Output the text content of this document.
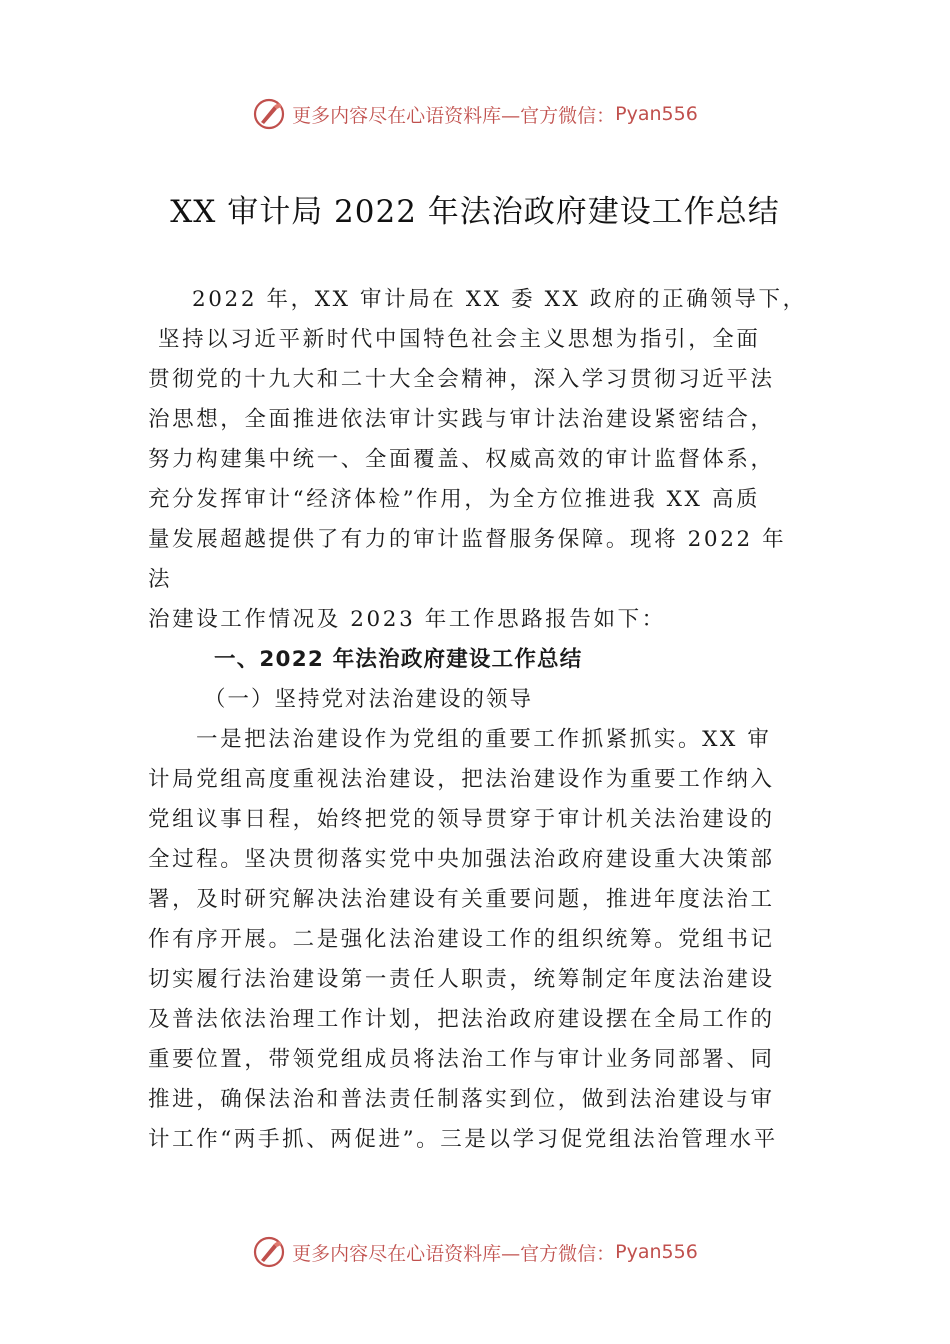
更多内容尽在心语资料库—官方微信： Pyan556
XX 审计局 2022 年法治政府建设工作总结
2022 年，XX 审计局在 XX 委 XX 政府的正确领导下，
坚持以习近平新时代中国特色社会主义思想为指引，全面
贯彻党的十九大和二十大全会精神，深入学习贯彻习近平法
治思想，全面推进依法审计实践与审计法治建设紧密结合，
努力构建集中统一、全面覆盖、权威高效的审计监督体系，
充分发挥审计“经济体检”作用，为全方位推进我 XX 高质
量发展超越提供了有力的审计监督服务保障。现将 2022 年
法
治建设工作情况及 2023 年工作思路报告如下：
一、2022 年法治政府建设工作总结
（一）坚持党对法治建设的领导
一是把法治建设作为党组的重要工作抓紧抓实。XX 审
计局党组高度重视法治建设，把法治建设作为重要工作纳入
党组议事日程，始终把党的领导贯穿于审计机关法治建设的
全过程。坚决贯彻落实党中央加强法治政府建设重大决策部
署，及时研究解决法治建设有关重要问题，推进年度法治工
作有序开展。二是强化法治建设工作的组织统筹。党组书记
切实履行法治建设第一责任人职责，统筹制定年度法治建设
及普法依法治理工作计划，把法治政府建设摆在全局工作的
重要位置，带领党组成员将法治工作与审计业务同部署、同
推进，确保法治和普法责任制落实到位，做到法治建设与审
计工作“两手抓、两促进”。三是以学习促党组法治管理水平
更多内容尽在心语资料库—官方微信： Pyan556
